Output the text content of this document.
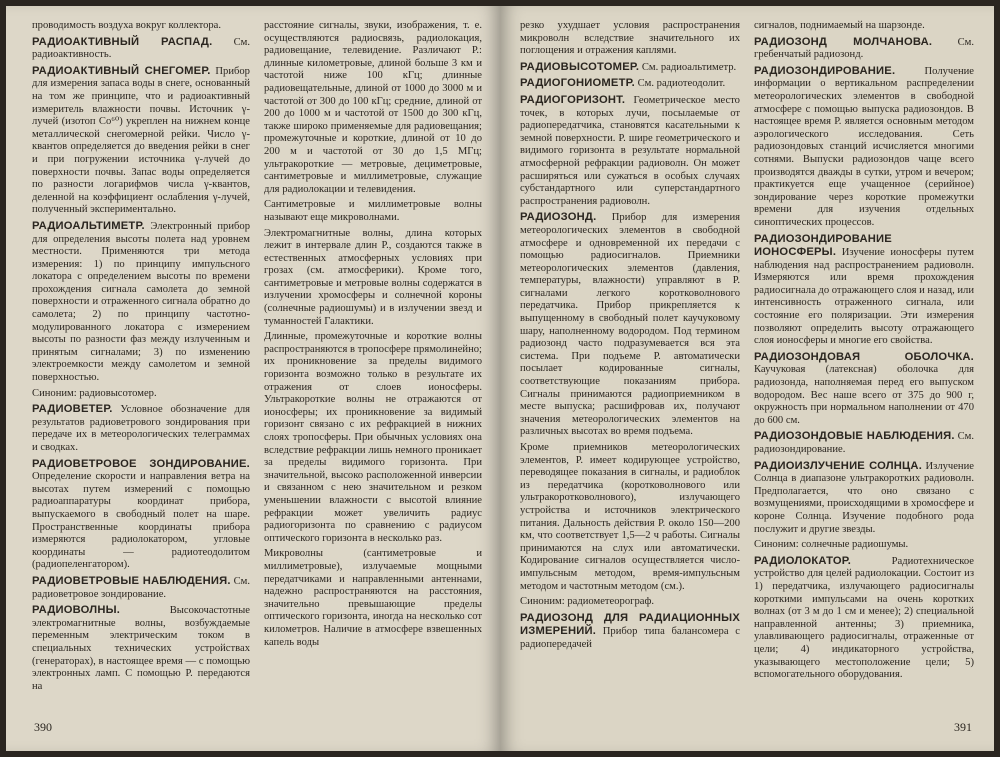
проводимость воздуха вокруг коллектора.

РАДИОАКТИВНЫЙ РАСПАД. См. радиоактивность.

РАДИОАКТИВНЫЙ СНЕГОМЕР. Прибор для измерения запаса воды в снеге, основанный на том же принципе, что и радиоактивный измеритель влажности почвы. Источник γ-лучей (изотоп Co⁶⁰) укреплен на нижнем конце металлической снегомерной рейки. Число γ-квантов определяется до введения рейки в снег и при погружении источника γ-лучей до поверхности почвы. Запас воды определяется по разности логарифмов числа γ-квантов, деленной на коэффициент ослабления γ-лучей, полученный экспериментально.

РАДИОАЛЬТИМЕТР. Электронный прибор для определения высоты полета над уровнем местности. Применяются три метода измерения: 1) по принципу импульсного локатора с определением высоты по времени прохождения сигнала самолета до земной поверхности и отраженного сигнала обратно до самолета; 2) по принципу частотно-модулированного локатора с измерением высоты по разности фаз между излученным и принятым сигналами; 3) по изменению электроемкости между самолетом и земной поверхностью.

Синоним: радиовысотомер.

РАДИОВЕТЕР. Условное обозначение для результатов радиоветрового зондирования при передаче их в метеорологических телеграммах и сводках.

РАДИОВЕТРОВОЕ ЗОНДИРОВАНИЕ. Определение скорости и направления ветра на высотах путем измерений с помощью радиоаппаратуры координат прибора, выпускаемого в свободный полет на шаре. Пространственные координаты прибора измеряются радиолокатором, угловые координаты — радиотеодолитом (радиопеленгатором).

РАДИОВЕТРОВЫЕ НАБЛЮДЕНИЯ. См. радиоветровое зондирование.

РАДИОВОЛНЫ.	Высокочастотные электромагнитные волны, возбуждаемые переменным электрическим током в специальных технических устройствах (генераторах), в настоящее время — с помощью электронных ламп. С помощью Р. передаются на

расстояние сигналы, звуки, изображения, т. е. осуществляются радиосвязь, радиолокация, радиовещание, телевидение. Различают Р.: длинные километровые, длиной больше 3 км и частотой ниже 100 кГц; длинные радиовещательные, длиной от 1000 до 3000 м и частотой от 300 до 100 кГц; средние, длиной от 200 до 1000 м и частотой от 1500 до 300 кГц, также широко применяемые для радиовещания; промежуточные и короткие, длиной от 10 до 200 м и частотой от 30 до 1,5 МГц; ультракороткие — метровые, дециметровые, сантиметровые и миллиметровые, служащие для радиолокации и телевидения.

Сантиметровые и миллиметровые волны называют еще микроволнами.

Электромагнитные волны, длина которых лежит в интервале длин Р., создаются также в естественных атмосферных условиях при грозах (см. атмосферики). Кроме того, сантиметровые и метровые волны содержатся в излучении хромосферы и солнечной короны (солнечные радиошумы) и в излучении звезд и туманностей Галактики.

Длинные, промежуточные и короткие волны распространяются в тропосфере прямолинейно; их проникновение за пределы видимого горизонта возможно только в результате их отражения от слоев ионосферы. Ультракороткие волны не отражаются от ионосферы; их проникновение за видимый горизонт связано с их рефракцией в нижних слоях тропосферы. При обычных условиях она вследствие рефракции лишь немного проникает за пределы видимого горизонта. При значительной, высоко расположенной инверсии и связанном с нею значительном и резком уменьшении влажности с высотой влияние рефракции может увеличить радиус радиогоризонта по сравнению с радиусом оптического горизонта в несколько раз.

Микроволны (сантиметровые и миллиметровые), излучаемые мощными передатчиками и направленными антеннами, надежно распространяются на расстояния, значительно превышающие пределы оптического горизонта, иногда на несколько сот километров. Наличие в атмосфере взвешенных капель воды

390

резко ухудшает условия распространения микроволн вследствие значительного их поглощения и отражения каплями.

РАДИОВЫСОТОМЕР. См. радиоальтиметр.

РАДИОГОНИОМЕТР. См. радиотеодолит.

РАДИОГОРИЗОНТ. Геометрическое место точек, в которых лучи, посылаемые от радиопередатчика, становятся касательными к земной поверхности. Р. шире геометрического и видимого горизонта в результате нормальной атмосферной рефракции радиоволн. Он может расширяться или сужаться в особых случаях субстандартного или суперстандартного распространения радиоволн.

РАДИОЗОНД. Прибор для измерения метеорологических элементов в свободной атмосфере и одновременной их передачи с помощью радиосигналов. Приемники метеорологических элементов (давления, температуры, влажности) управляют в Р. сигналами легкого коротковолнового передатчика. Прибор прикрепляется к выпущенному в свободный полет каучуковому шару, наполненному водородом. Под термином радиозонд часто подразумевается вся эта система. При подъеме Р. автоматически посылает кодированные сигналы, соответствующие показаниям прибора. Сигналы принимаются радиоприемником в месте выпуска; расшифровав их, получают значения метеорологических элементов на различных высотах во время подъема.

Кроме приемников метеорологических элементов, Р. имеет кодирующее устройство, переводящее показания в сигналы, и радиоблок из передатчика (коротковолнового или ультракоротковолнового), излучающего устройства и источников электрического питания. Дальность действия Р. около 150—200 км, что соответствует 1,5—2 ч работы. Сигналы принимаются на слух или автоматически. Кодирование сигналов осуществляется число-импульсным методом, время-импульсным методом и частотным методом (см.).

Синоним: радиометеорограф.

РАДИОЗОНД ДЛЯ РАДИАЦИОННЫХ ИЗМЕРЕНИЙ. Прибор типа балансомера с радиопередачей

сигналов, поднимаемый на шарзонде.

РАДИОЗОНД МОЛЧАНОВА. См. гребенчатый радиозонд.

РАДИОЗОНДИРОВАНИЕ.	Получение информации о вертикальном распределении метеорологических элементов в свободной атмосфере с помощью выпуска радиозондов. В настоящее время Р. является основным методом аэрологического исследования. Сеть радиозондовых станций исчисляется многими сотнями. Выпуски радиозондов чаще всего производятся дважды в сутки, утром и вечером; практикуется еще учащенное (серийное) зондирование через короткие промежутки времени для изучения отдельных синоптических процессов.

РАДИОЗОНДИРОВАНИЕ ИОНОСФЕРЫ. Изучение ионосферы путем наблюдения над распространением радиоволн. Измеряются или время прохождения радиосигнала до отражающего слоя и назад, или интенсивность отраженного сигнала, или состояние его поляризации. Эти измерения позволяют определить высоту отражающего слоя ионосферы и многие его свойства.

РАДИОЗОНДОВАЯ ОБОЛОЧКА. Каучуковая (латексная) оболочка для радиозонда, наполняемая перед его выпуском водородом. Вес наше всего от 375 до 900 г, окружность при нормальном наполнении от 470 до 600 см.

РАДИОЗОНДОВЫЕ НАБЛЮДЕНИЯ. См. радиозондирование.

РАДИОИЗЛУЧЕНИЕ СОЛНЦА. Излучение Солнца в диапазоне ультракоротких радиоволн. Предполагается, что оно связано с возмущениями, происходящими в хромосфере и короне Солнца. Изучение подобного рода послужит и другие звезды.

Синоним: солнечные радиошумы.

РАДИОЛОКАТОР.	Радиотехническое устройство для целей радиолокации. Состоит из 1) передатчика, излучающего радиосигналы короткими импульсами на очень коротких волнах (от 3 м до 1 см и менее); 2) специальной направленной антенны; 3) приемника, улавливающего радиосигналы, отраженные от цели; 4) индикаторного устройства, указывающего местоположение цели; 5) вспомогательного оборудования.

391
